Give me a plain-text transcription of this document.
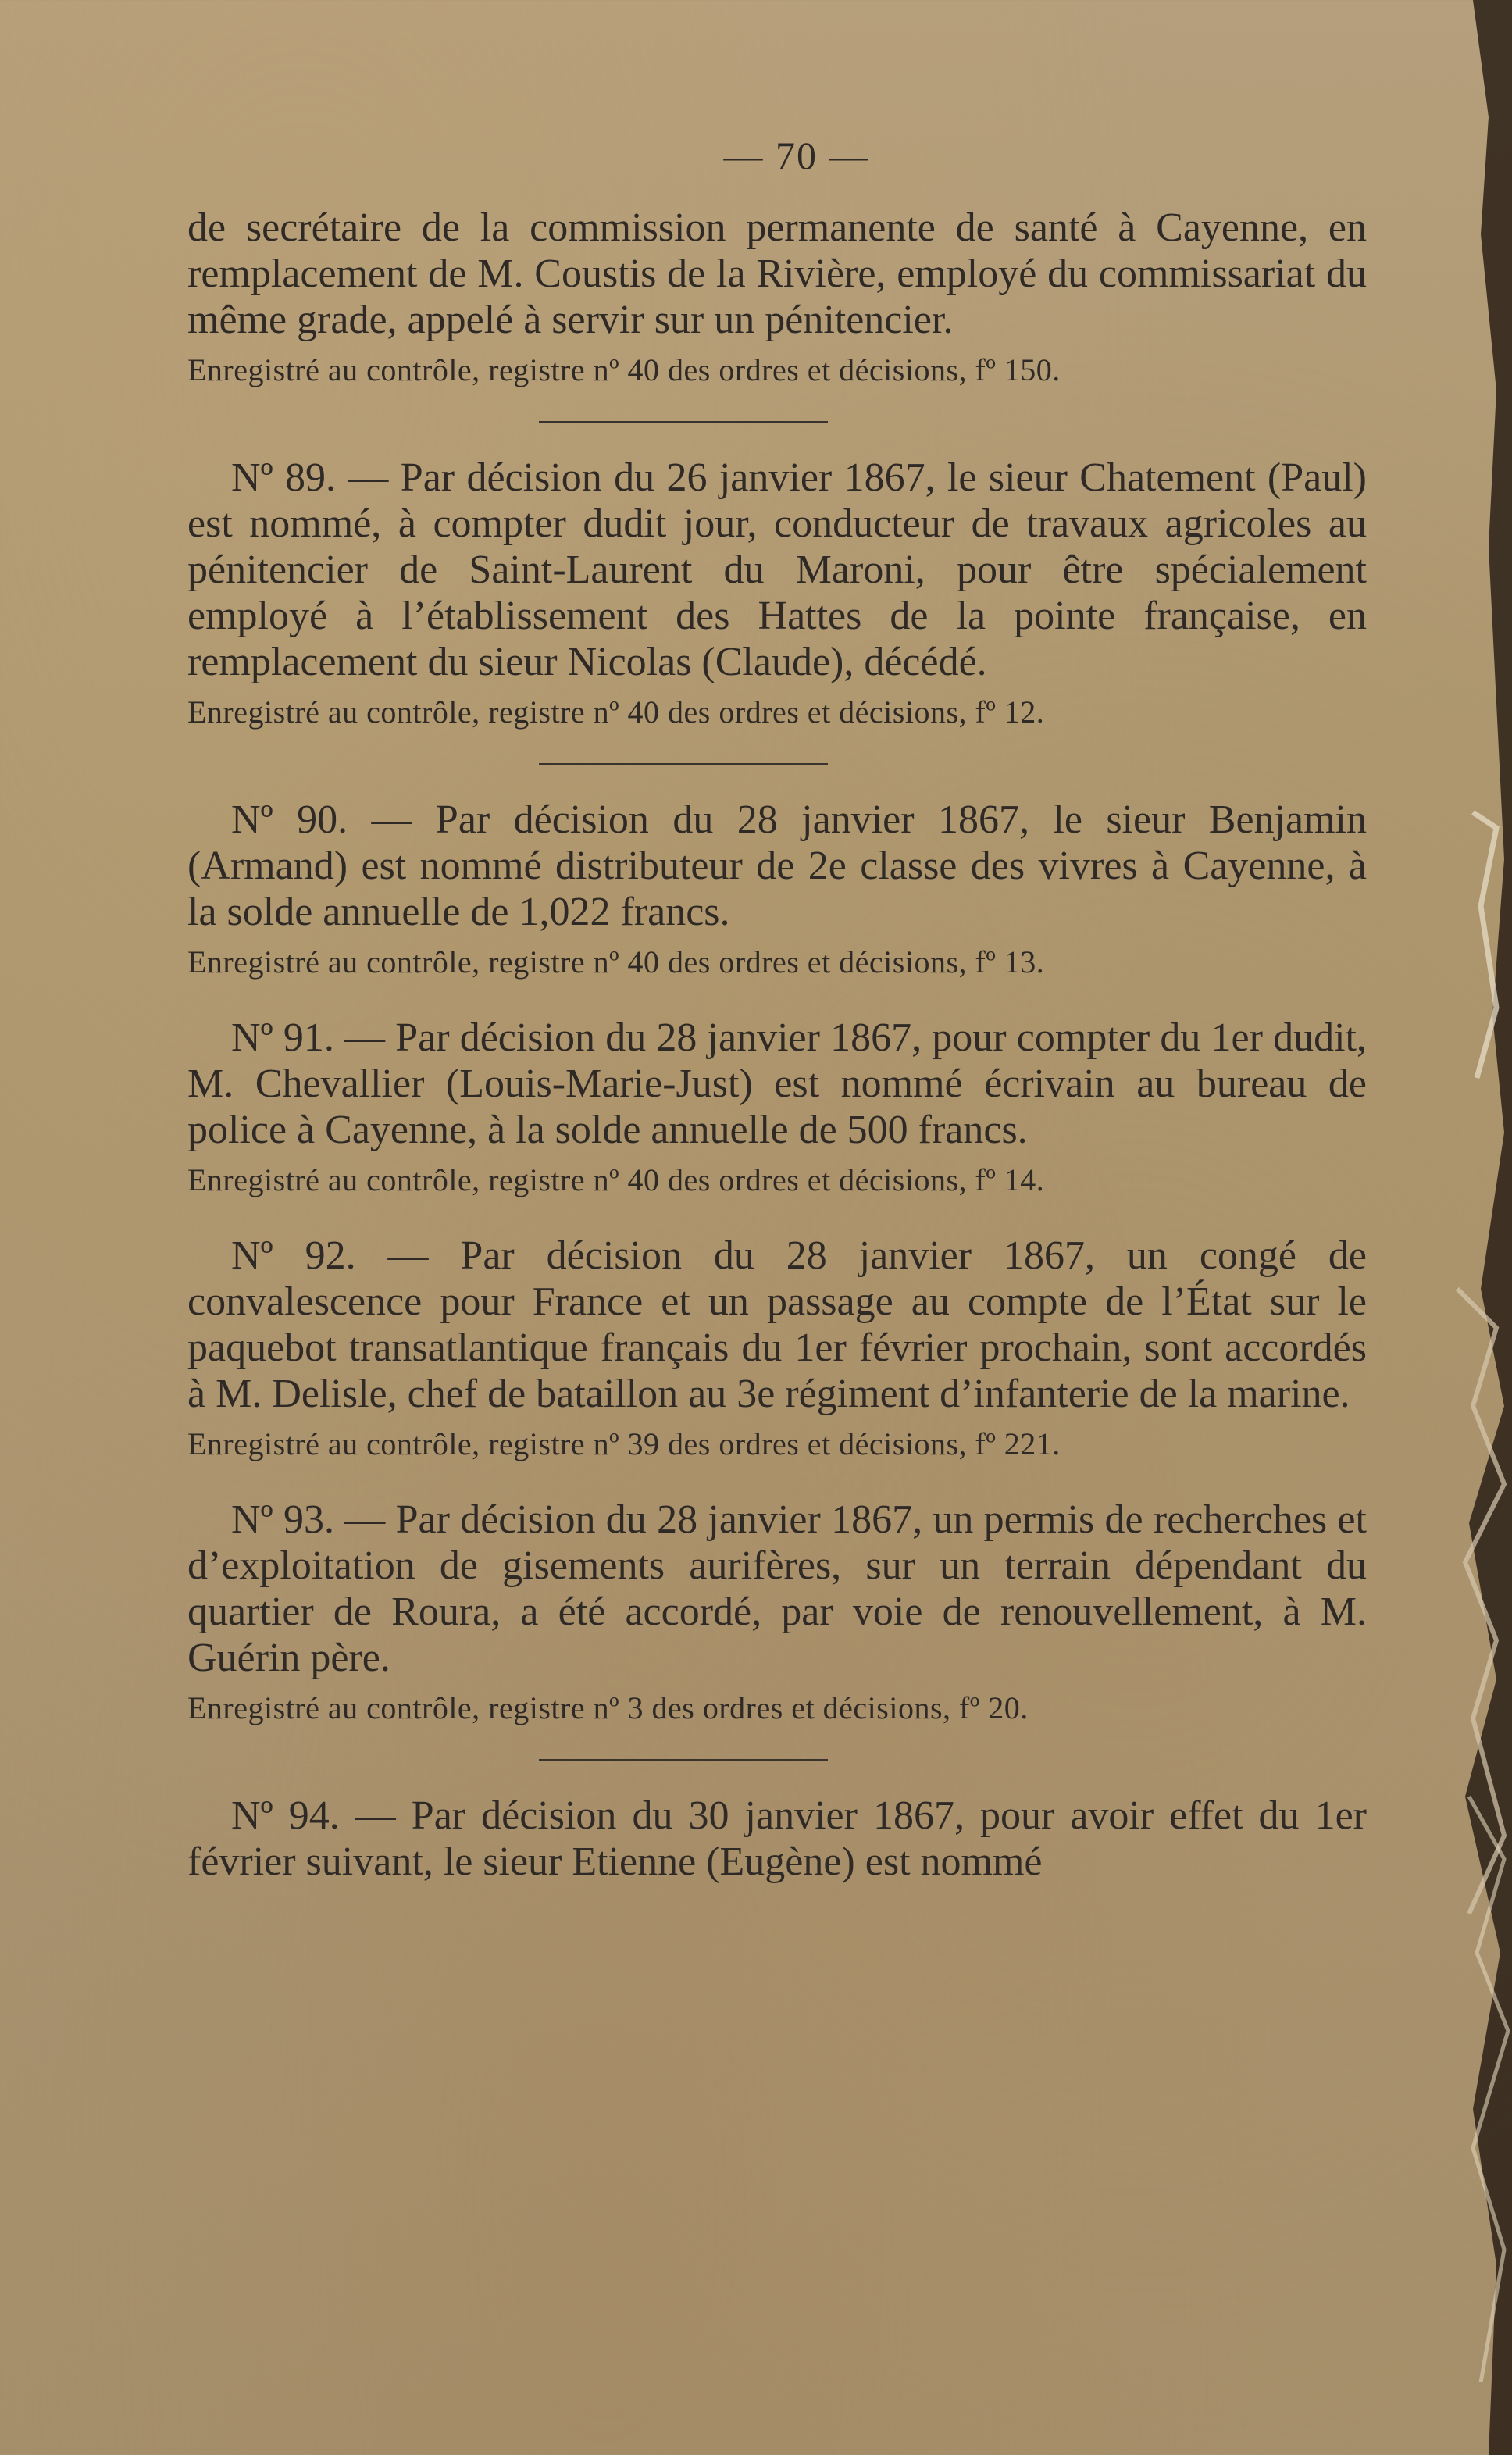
— 70 —

de secrétaire de la commission permanente de santé à Cayenne, en remplacement de M. Coustis de la Rivière, employé du commissariat du même grade, appelé à servir sur un pénitencier.

Enregistré au contrôle, registre nº 40 des ordres et décisions, fº 150.

Nº 89. — Par décision du 26 janvier 1867, le sieur Chatement (Paul) est nommé, à compter dudit jour, conducteur de travaux agricoles au pénitencier de Saint-Laurent du Maroni, pour être spécialement employé à l’établissement des Hattes de la pointe française, en remplacement du sieur Nicolas (Claude), décédé.

Enregistré au contrôle, registre nº 40 des ordres et décisions, fº 12.

Nº 90. — Par décision du 28 janvier 1867, le sieur Benjamin (Armand) est nommé distributeur de 2e classe des vivres à Cayenne, à la solde annuelle de 1,022 francs.

Enregistré au contrôle, registre nº 40 des ordres et décisions, fº 13.

Nº 91. — Par décision du 28 janvier 1867, pour compter du 1er dudit, M. Chevallier (Louis-Marie-Just) est nommé écrivain au bureau de police à Cayenne, à la solde annuelle de 500 francs.

Enregistré au contrôle, registre nº 40 des ordres et décisions, fº 14.

Nº 92. — Par décision du 28 janvier 1867, un congé de convalescence pour France et un passage au compte de l’État sur le paquebot transatlantique français du 1er février prochain, sont accordés à M. Delisle, chef de bataillon au 3e régiment d’infanterie de la marine.

Enregistré au contrôle, registre nº 39 des ordres et décisions, fº 221.

Nº 93. — Par décision du 28 janvier 1867, un permis de recherches et d’exploitation de gisements aurifères, sur un terrain dépendant du quartier de Roura, a été accordé, par voie de renouvellement, à M. Guérin père.

Enregistré au contrôle, registre nº 3 des ordres et décisions, fº 20.

Nº 94. — Par décision du 30 janvier 1867, pour avoir effet du 1er février suivant, le sieur Etienne (Eugène) est nommé
